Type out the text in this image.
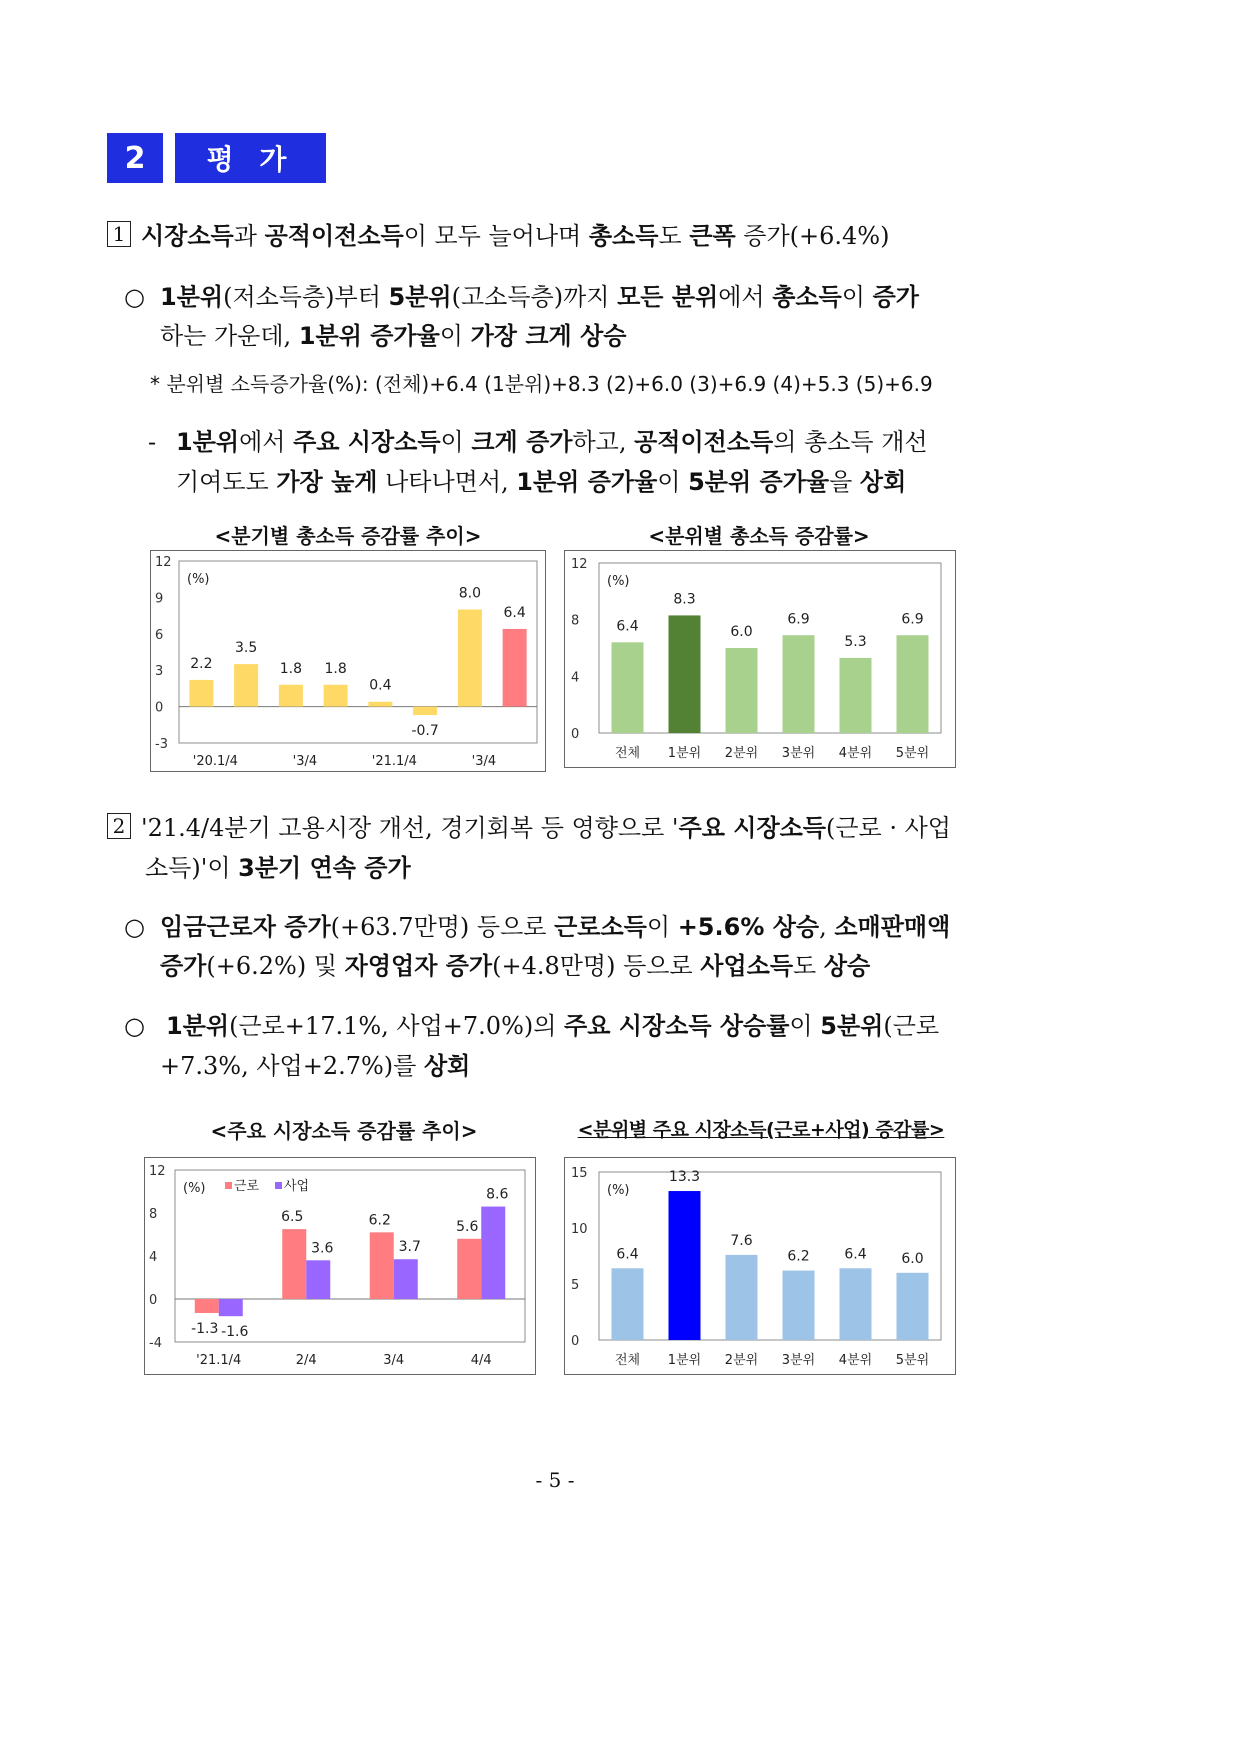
2	평 가
1 시장소득과 공적이전소득이 모두 늘어나며 총소득도 큰폭 증가(+6.4%)
○ 1분위(저소득층)부터 5분위(고소득층)까지 모든 분위에서 총소득이 증가
하는 가운데, 1분위 증가율이 가장 크게 상승
* 분위별 소득증가율(%): (전체)+6.4 (1분위)+8.3 (2)+6.0 (3)+6.9 (4)+5.3 (5)+6.9
- 1분위에서 주요 시장소득이 크게 증가하고, 공적이전소득의 총소득 개선
기여도도 가장 높게 나타나면서, 1분위 증가율이 5분위 증가율을 상회
<분기별 총소득 증감률 추이>	<분위별 총소득 증감률>
-3
0
3
6
9
12
(%)
2.2
'20.1/4
3.5
1.8
'3/4
1.8
0.4
'21.1/4
-0.7
8.0
'3/4
6.4
0
4
8
12
(%)
6.4
전체
8.3
1분위
6.0
2분위
6.9
3분위
5.3
4분위
6.9
5분위
2 '21.4/4분기 고용시장 개선, 경기회복 등 영향으로 '주요 시장소득(근로 · 사업
소득)'이 3분기 연속 증가
○ 임금근로자 증가(+63.7만명) 등으로 근로소득이 +5.6% 상승, 소매판매액
증가(+6.2%) 및 자영업자 증가(+4.8만명) 등으로 사업소득도 상승
○ 1분위(근로+17.1%, 사업+7.0%)의 주요 시장소득 상승률이 5분위(근로
+7.3%, 사업+2.7%)를 상회
<주요 시장소득 증감률 추이>	<분위별 주요 시장소득(근로+사업) 증감률>
-4
0
4
8
12
(%) 근로 사업
-1.3 -1.6
'21.1/4
6.5
3.6
2/4
6.2
3.7
3/4
5.6
8.6
4/4
0
5
10
15
(%)
6.4
전체
13.3
1분위
7.6
2분위
6.2
3분위
6.4
4분위
6.0
5분위
- 5 -
